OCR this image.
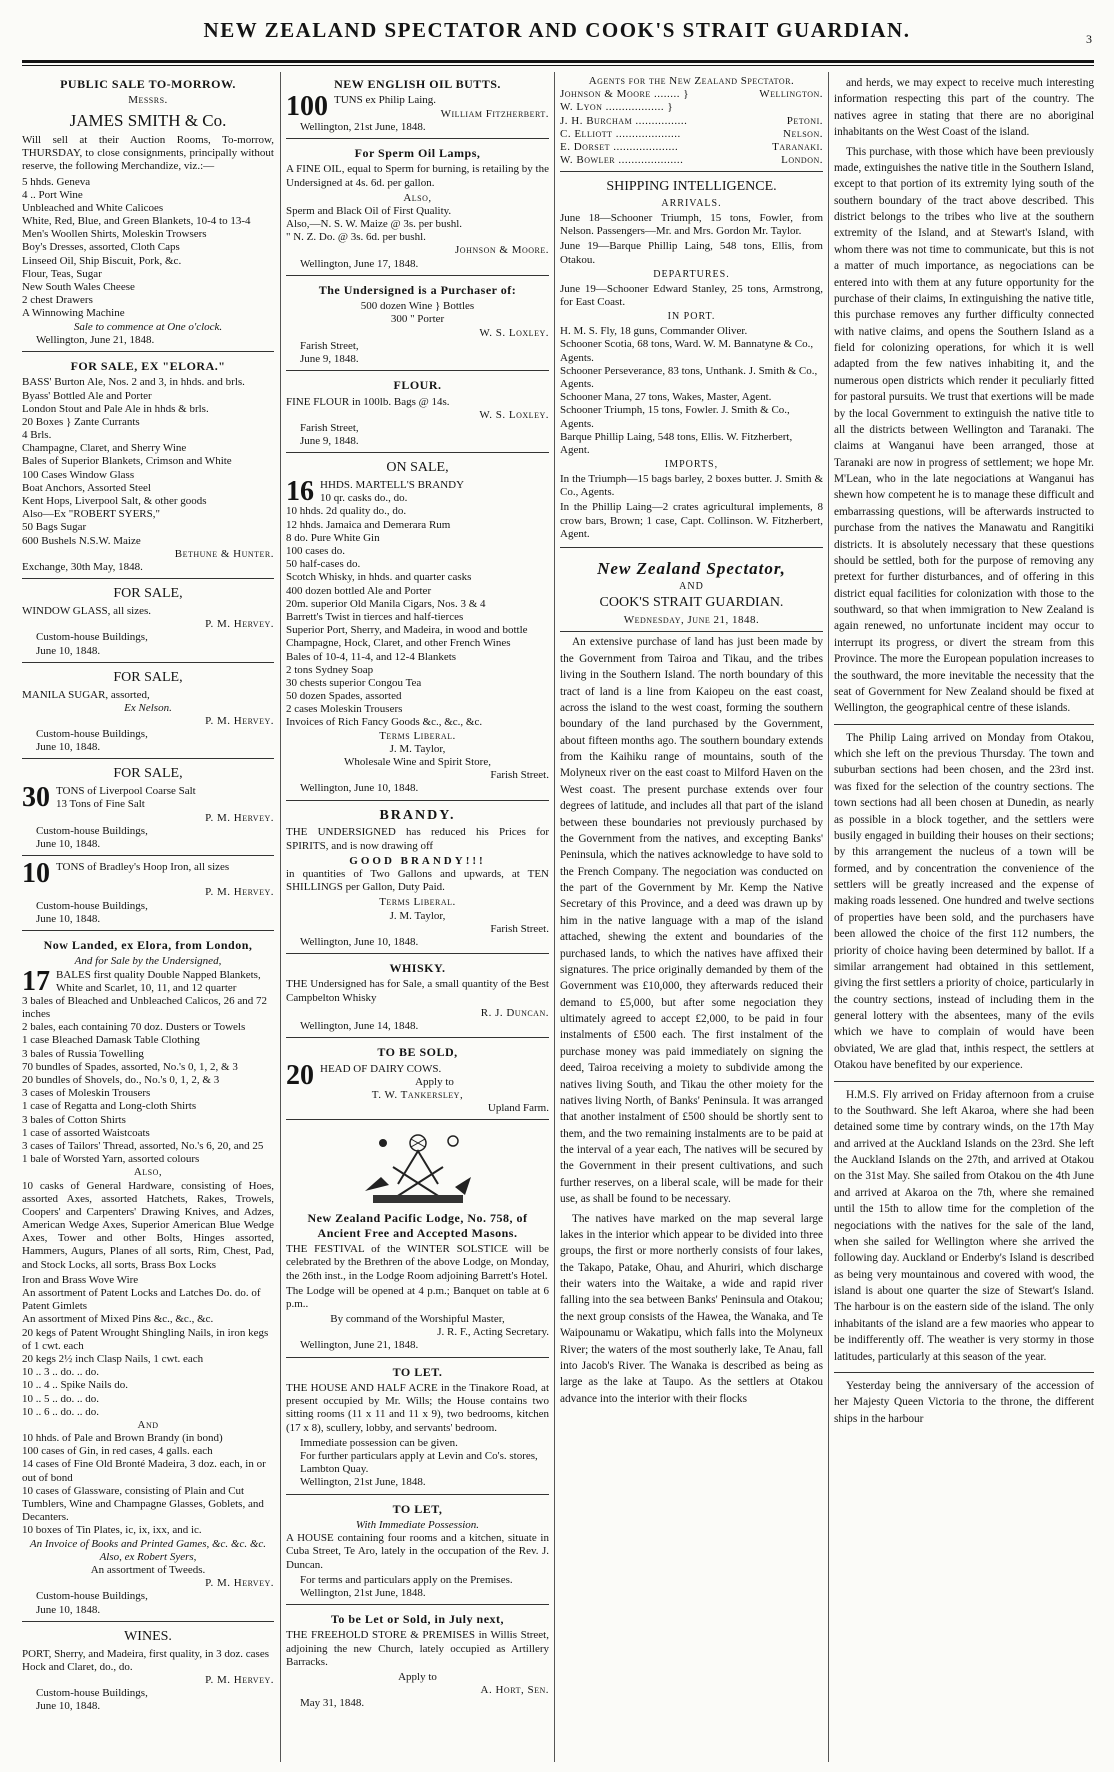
NEW ZEALAND SPECTATOR AND COOK'S STRAIT GUARDIAN.	3
PUBLIC SALE TO-MORROW.
Messrs.
JAMES SMITH & Co.

Will sell at their Auction Rooms, To-morrow, THURSDAY, to close consignments, principally without reserve, the following Merchandize, viz.:—

5 hhds. Geneva
4 .. Port Wine
Unbleached and White Calicoes
White, Red, Blue, and Green Blankets, 10-4 to 13-4
Men's Woollen Shirts, Moleskin Trowsers
Boy's Dresses, assorted, Cloth Caps
Linseed Oil, Ship Biscuit, Pork, &c.
Flour, Teas, Sugar
New South Wales Cheese
2 chest Drawers
A Winnowing Machine
Sale to commence at One o'clock.
Wellington, June 21, 1848.
FOR SALE, EX "ELORA."
BASS' Burton Ale, Nos. 2 and 3, in hhds. and brls.
Byass' Bottled Ale and Porter
London Stout and Pale Ale in hhds & brls.
20 Boxes } Zante Currants
4 Brls.
Champagne, Claret, and Sherry Wine
Bales of Superior Blankets, Crimson and White
100 Cases Window Glass
Boat Anchors, Assorted Steel
Kent Hops, Liverpool Salt, & other goods
Also—Ex "ROBERT SYERS,"
50 Bags Sugar
600 Bushels N.S.W. Maize
Bethune & Hunter.
Exchange, 30th May, 1848.
FOR SALE,
WINDOW GLASS, all sizes.
P. M. Hervey.
Custom-house Buildings,
June 10, 1848.
FOR SALE,
MANILA SUGAR, assorted,
Ex Nelson.
P. M. Hervey.
Custom-house Buildings,
June 10, 1848.
FOR SALE,
30 TONS of Liverpool Coarse Salt
13 Tons of Fine Salt
P. M. Hervey.
Custom-house Buildings,
June 10, 1848.
10 TONS of Bradley's Hoop Iron, all sizes
P. M. Hervey.
Custom-house Buildings,
June 10, 1848.
Now Landed, ex Elora, from London,
And for Sale by the Undersigned,
17 BALES first quality Double Napped Blankets, White and Scarlet, 10, 11, and 12 quarter
3 bales of Bleached and Unbleached Calicos, 26 and 72 inches
2 bales, each containing 70 doz. Dusters or Towels
1 case Bleached Damask Table Clothing
3 bales of Russia Towelling
70 bundles of Spades, assorted, No.'s 0, 1, 2, & 3
20 bundles of Shovels, do., No.'s 0, 1, 2, & 3
3 cases of Moleskin Trousers
1 case of Regatta and Long-cloth Shirts
3 bales of Cotton Shirts
1 case of assorted Waistcoats
3 cases of Tailors' Thread, assorted, No.'s 6, 20, and 25
1 bale of Worsted Yarn, assorted colours
Also,

10 casks of General Hardware, consisting of Hoes, assorted Axes, assorted Hatchets, Rakes, Trowels, Coopers' and Carpenters' Drawing Knives, and Adzes, American Wedge Axes, Superior American Blue Wedge Axes, Tower and other Bolts, Hinges assorted, Hammers, Augurs, Planes of all sorts, Rim, Chest, Pad, and Stock Locks, all sorts, Brass Box Locks

Iron and Brass Wove Wire
An assortment of Patent Locks and Latches Do. do. of Patent Gimlets
An assortment of Mixed Pins &c., &c., &c.
20 kegs of Patent Wrought Shingling Nails, in iron kegs of 1 cwt. each
20 kegs 2½ inch Clasp Nails, 1 cwt. each
10 .. 3 .. do. .. do.
10 .. 4 .. Spike Nails do.
10 .. 5 .. do. .. do.
10 .. 6 .. do. .. do.
And
10 hhds. of Pale and Brown Brandy (in bond)
100 cases of Gin, in red cases, 4 galls. each
14 cases of Fine Old Bronté Madeira, 3 doz. each, in or out of bond
10 cases of Glassware, consisting of Plain and Cut Tumblers, Wine and Champagne Glasses, Goblets, and Decanters.
10 boxes of Tin Plates, ic, ix, ixx, and ic.
An Invoice of Books and Printed Games, &c. &c. &c.
Also, ex Robert Syers,
An assortment of Tweeds.
P. M. Hervey.
Custom-house Buildings,
June 10, 1848.
WINES.
PORT, Sherry, and Madeira, first quality, in 3 doz. cases
Hock and Claret, do., do.
P. M. Hervey.
Custom-house Buildings,
June 10, 1848.
NEW ENGLISH OIL BUTTS.
100 TUNS ex Philip Laing.
William Fitzherbert.
Wellington, 21st June, 1848.
For Sperm Oil Lamps,

A FINE OIL, equal to Sperm for burning, is retailing by the Undersigned at 4s. 6d. per gallon.

Also,
Sperm and Black Oil of First Quality.
Also,—N. S. W. Maize @ 3s. per bushl.
" N. Z. Do. @ 3s. 6d. per bushl.
Johnson & Moore.
Wellington, June 17, 1848.
The Undersigned is a Purchaser of:
500 dozen Wine } Bottles
300 " Porter
W. S. Loxley.
Farish Street,
June 9, 1848.
FLOUR.
FINE FLOUR in 100lb. Bags @ 14s.
W. S. Loxley.
Farish Street,
June 9, 1848.
ON SALE,
16 HHDS. MARTELL'S BRANDY
10 qr. casks do., do.
10 hhds. 2d quality do., do.
12 hhds. Jamaica and Demerara Rum
8 do. Pure White Gin
100 cases do.
50 half-cases do.
Scotch Whisky, in hhds. and quarter casks
400 dozen bottled Ale and Porter
20m. superior Old Manila Cigars, Nos. 3 & 4
Barrett's Twist in tierces and half-tierces
Superior Port, Sherry, and Madeira, in wood and bottle
Champagne, Hock, Claret, and other French Wines
Bales of 10-4, 11-4, and 12-4 Blankets
2 tons Sydney Soap
30 chests superior Congou Tea
50 dozen Spades, assorted
2 cases Moleskin Trousers
Invoices of Rich Fancy Goods &c., &c., &c.
Terms Liberal.
J. M. Taylor,
Wholesale Wine and Spirit Store,
Farish Street.
Wellington, June 10, 1848.
BRANDY.

THE UNDERSIGNED has reduced his Prices for SPIRITS, and is now drawing off

GOOD BRANDY!!!

in quantities of Two Gallons and upwards, at TEN SHILLINGS per Gallon, Duty Paid.

Terms Liberal.
J. M. Taylor,
Farish Street.
Wellington, June 10, 1848.
WHISKY.

THE Undersigned has for Sale, a small quantity of the Best Campbelton Whisky

R. J. Duncan.
Wellington, June 14, 1848.
TO BE SOLD,
20 HEAD OF DAIRY COWS.
Apply to
T. W. Tankersley,
Upland Farm.
New Zealand Pacific Lodge, No. 758, of Ancient Free and Accepted Masons.

THE FESTIVAL of the WINTER SOLSTICE will be celebrated by the Brethren of the above Lodge, on Monday, the 26th inst., in the Lodge Room adjoining Barrett's Hotel.

The Lodge will be opened at 4 p.m.; Banquet on table at 6 p.m..

By command of the Worshipful Master,
J. R. F., Acting Secretary.
Wellington, June 21, 1848.
TO LET.

THE HOUSE AND HALF ACRE in the Tinakore Road, at present occupied by Mr. Wills; the House contains two sitting rooms (11 x 11 and 11 x 9), two bedrooms, kitchen (17 x 8), scullery, lobby, and servants' bedroom.

Immediate possession can be given.
For further particulars apply at Levin and Co's. stores, Lambton Quay.
Wellington, 21st June, 1848.
TO LET,
With Immediate Possession.

A HOUSE containing four rooms and a kitchen, situate in Cuba Street, Te Aro, lately in the occupation of the Rev. J. Duncan.

For terms and particulars apply on the Premises.
Wellington, 21st June, 1848.
To be Let or Sold, in July next,

THE FREEHOLD STORE & PREMISES in Willis Street, adjoining the new Church, lately occupied as Artillery Barracks.

Apply to
A. Hort, Sen.
May 31, 1848.
Agents for the New Zealand Spectator.
Johnson & Moore ........ }	Wellington.
W. Lyon .................. }
J. H. Burcham ................	Petoni.
C. Elliott ....................	Nelson.
E. Dorset ....................	Taranaki.
W. Bowler ....................	London.
SHIPPING INTELLIGENCE.
ARRIVALS.
June 18—Schooner Triumph, 15 tons, Fowler, from Nelson. Passengers—Mr. and Mrs. Gordon Mr. Taylor.
June 19—Barque Phillip Laing, 548 tons, Ellis, from Otakou.
DEPARTURES.
June 19—Schooner Edward Stanley, 25 tons, Armstrong, for East Coast.
IN PORT.
H. M. S. Fly, 18 guns, Commander Oliver.
Schooner Scotia, 68 tons, Ward. W. M. Bannatyne & Co., Agents.
Schooner Perseverance, 83 tons, Unthank. J. Smith & Co., Agents.
Schooner Mana, 27 tons, Wakes, Master, Agent.
Schooner Triumph, 15 tons, Fowler. J. Smith & Co., Agents.
Barque Phillip Laing, 548 tons, Ellis. W. Fitzherbert, Agent.
IMPORTS,
In the Triumph—15 bags barley, 2 boxes butter. J. Smith & Co., Agents.
In the Phillip Laing—2 crates agricultural implements, 8 crow bars, Brown; 1 case, Capt. Collinson. W. Fitzherbert, Agent.
New Zealand Spectator,
AND
COOK'S STRAIT GUARDIAN.
Wednesday, June 21, 1848.

An extensive purchase of land has just been made by the Government from Tairoa and Tikau, and the tribes living in the Southern Island. The north boundary of this tract of land is a line from Kaiopeu on the east coast, across the island to the west coast, forming the southern boundary of the land purchased by the Government, about fifteen months ago. The southern boundary extends from the Kaihiku range of mountains, south of the Molyneux river on the east coast to Milford Haven on the West coast. The present purchase extends over four degrees of latitude, and includes all that part of the island between these boundaries not previously purchased by the Government from the natives, and excepting Banks' Peninsula, which the natives acknowledge to have sold to the French Company. The negociation was conducted on the part of the Government by Mr. Kemp the Native Secretary of this Province, and a deed was drawn up by him in the native language with a map of the island attached, shewing the extent and boundaries of the purchased lands, to which the natives have affixed their signatures. The price originally demanded by them of the Government was £10,000, they afterwards reduced their demand to £5,000, but after some negociation they ultimately agreed to accept £2,000, to be paid in four instalments of £500 each. The first instalment of the purchase money was paid immediately on signing the deed, Tairoa receiving a moiety to subdivide among the natives living South, and Tikau the other moiety for the natives living North, of Banks' Peninsula. It was arranged that another instalment of £500 should be shortly sent to them, and the two remaining instalments are to be paid at the interval of a year each, The natives will be secured by the Government in their present cultivations, and such further reserves, on a liberal scale, will be made for their use, as shall be found to be necessary.

The natives have marked on the map several large lakes in the interior which appear to be divided into three groups, the first or more northerly consists of four lakes, the Takapo, Patake, Ohau, and Ahuriri, which discharge their waters into the Waitake, a wide and rapid river falling into the sea between Banks' Peninsula and Otakou; the next group consists of the Hawea, the Wanaka, and Te Waipounamu or Wakatipu, which falls into the Molyneux River; the waters of the most southerly lake, Te Anau, fall into Jacob's River. The Wanaka is described as being as large as the lake at Taupo. As the settlers at Otakou advance into the interior with their flocks

and herds, we may expect to receive much interesting information respecting this part of the country. The natives agree in stating that there are no aboriginal inhabitants on the West Coast of the island.

This purchase, with those which have been previously made, extinguishes the native title in the Southern Island, except to that portion of its extremity lying south of the southern boundary of the tract above described. This district belongs to the tribes who live at the southern extremity of the Island, and at Stewart's Island, with whom there was not time to communicate, but this is not a matter of much importance, as negociations can be entered into with them at any future opportunity for the purchase of their claims, In extinguishing the native title, this purchase removes any further difficulty connected with native claims, and opens the Southern Island as a field for colonizing operations, for which it is well adapted from the few natives inhabiting it, and the numerous open districts which render it peculiarly fitted for pastoral pursuits. We trust that exertions will be made by the local Government to extinguish the native title to all the districts between Wellington and Taranaki. The claims at Wanganui have been arranged, those at Taranaki are now in progress of settlement; we hope Mr. M'Lean, who in the late negociations at Wanganui has shewn how competent he is to manage these difficult and embarrassing questions, will be afterwards instructed to purchase from the natives the Manawatu and Rangitiki districts. It is absolutely necessary that these questions should be settled, both for the purpose of removing any pretext for further disturbances, and of offering in this district equal facilities for colonization with those to the southward, so that when immigration to New Zealand is again renewed, no unfortunate incident may occur to interrupt its progress, or divert the stream from this Province. The more the European population increases to the southward, the more inevitable the necessity that the seat of Government for New Zealand should be fixed at Wellington, the geographical centre of these islands.

The Philip Laing arrived on Monday from Otakou, which she left on the previous Thursday. The town and suburban sections had been chosen, and the 23rd inst. was fixed for the selection of the country sections. The town sections had all been chosen at Dunedin, as nearly as possible in a block together, and the settlers were busily engaged in building their houses on their sections; by this arrangement the nucleus of a town will be formed, and by concentration the convenience of the settlers will be greatly increased and the expense of making roads lessened. One hundred and twelve sections of properties have been sold, and the purchasers have been allowed the choice of the first 112 numbers, the priority of choice having been determined by ballot. If a similar arrangement had obtained in this settlement, giving the first settlers a priority of choice, particularly in the country sections, instead of including them in the general lottery with the absentees, many of the evils which we have to complain of would have been obviated, We are glad that, inthis respect, the settlers at Otakou have benefited by our experience.

H.M.S. Fly arrived on Friday afternoon from a cruise to the Southward. She left Akaroa, where she had been detained some time by contrary winds, on the 17th May and arrived at the Auckland Islands on the 23rd. She left the Auckland Islands on the 27th, and arrived at Otakou on the 31st May. She sailed from Otakou on the 4th June and arrived at Akaroa on the 7th, where she remained until the 15th to allow time for the completion of the negociations with the natives for the sale of the land, when she sailed for Wellington where she arrived the following day. Auckland or Enderby's Island is described as being very mountainous and covered with wood, the island is about one quarter the size of Stewart's Island. The harbour is on the eastern side of the island. The only inhabitants of the island are a few maories who appear to be indifferently off. The weather is very stormy in those latitudes, particularly at this season of the year.

Yesterday being the anniversary of the accession of her Majesty Queen Victoria to the throne, the different ships in the harbour
